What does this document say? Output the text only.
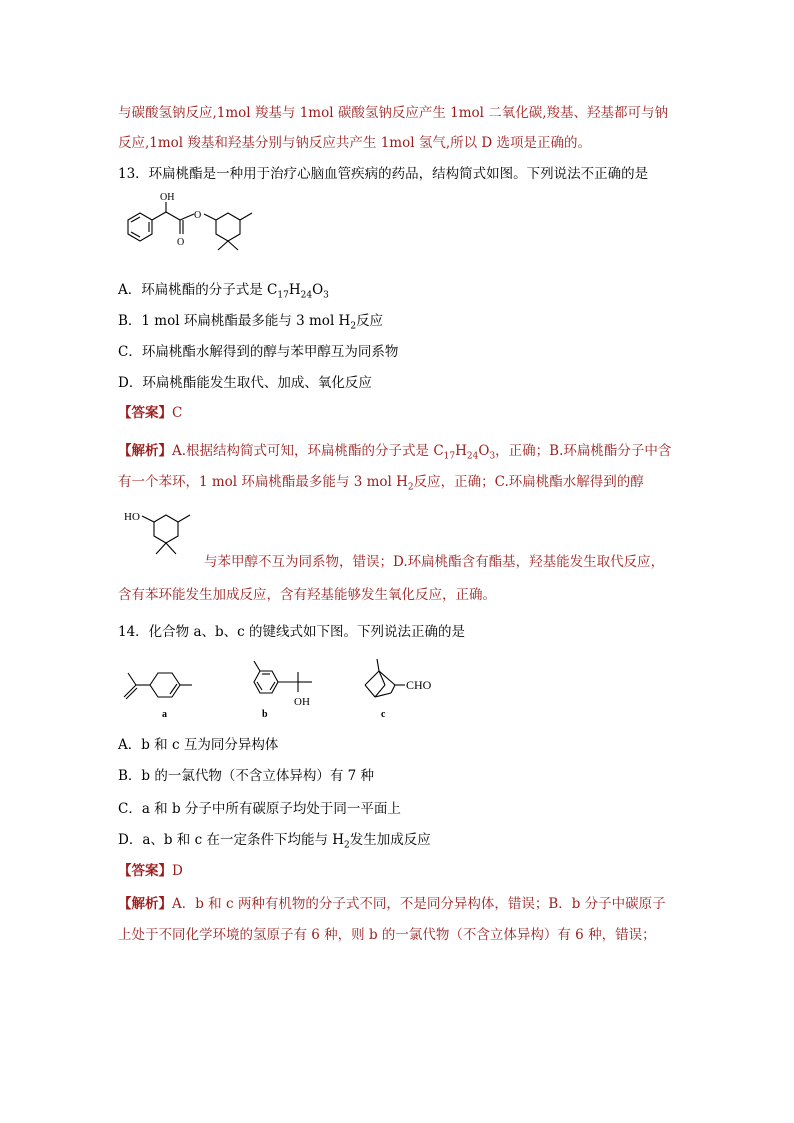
与碳酸氢钠反应,1mol 羧基与 1mol 碳酸氢钠反应产生 1mol 二氧化碳,羧基、羟基都可与钠
反应,1mol 羧基和羟基分别与钠反应共产生 1mol 氢气,所以 D 选项是正确的。
13．环扁桃酯是一种用于治疗心脑血管疾病的药品，结构简式如图。下列说法不正确的是
OH
O
O
A．环扁桃酯的分子式是 $C_{17}H_{24}O_3$
B．1 mol 环扁桃酯最多能与 3 mol $H_2$反应
C．环扁桃酯水解得到的醇与苯甲醇互为同系物
D．环扁桃酯能发生取代、加成、氧化反应
【答案】C
【解析】A.根据结构简式可知，环扁桃酯的分子式是 $C_{17}H_{24}O_3$，正确；B.环扁桃酯分子中含
有一个苯环，1 mol 环扁桃酯最多能与 3 mol $H_2$反应，正确；C.环扁桃酯水解得到的醇
HO
与苯甲醇不互为同系物，错误；D.环扁桃酯含有酯基，羟基能发生取代反应，
含有苯环能发生加成反应，含有羟基能够发生氧化反应，正确。
14．化合物 a、b、c 的键线式如下图。下列说法正确的是
a
OH
b
CHO
c
A．b 和 c 互为同分异构体
B．b 的一氯代物（不含立体异构）有 7 种
C．a 和 b 分子中所有碳原子均处于同一平面上
D．a、b 和 c 在一定条件下均能与 $H_2$发生加成反应
【答案】D
【解析】A．b 和 c 两种有机物的分子式不同，不是同分异构体，错误；B．b 分子中碳原子
上处于不同化学环境的氢原子有 6 种，则 b 的一氯代物（不含立体异构）有 6 种，错误；
